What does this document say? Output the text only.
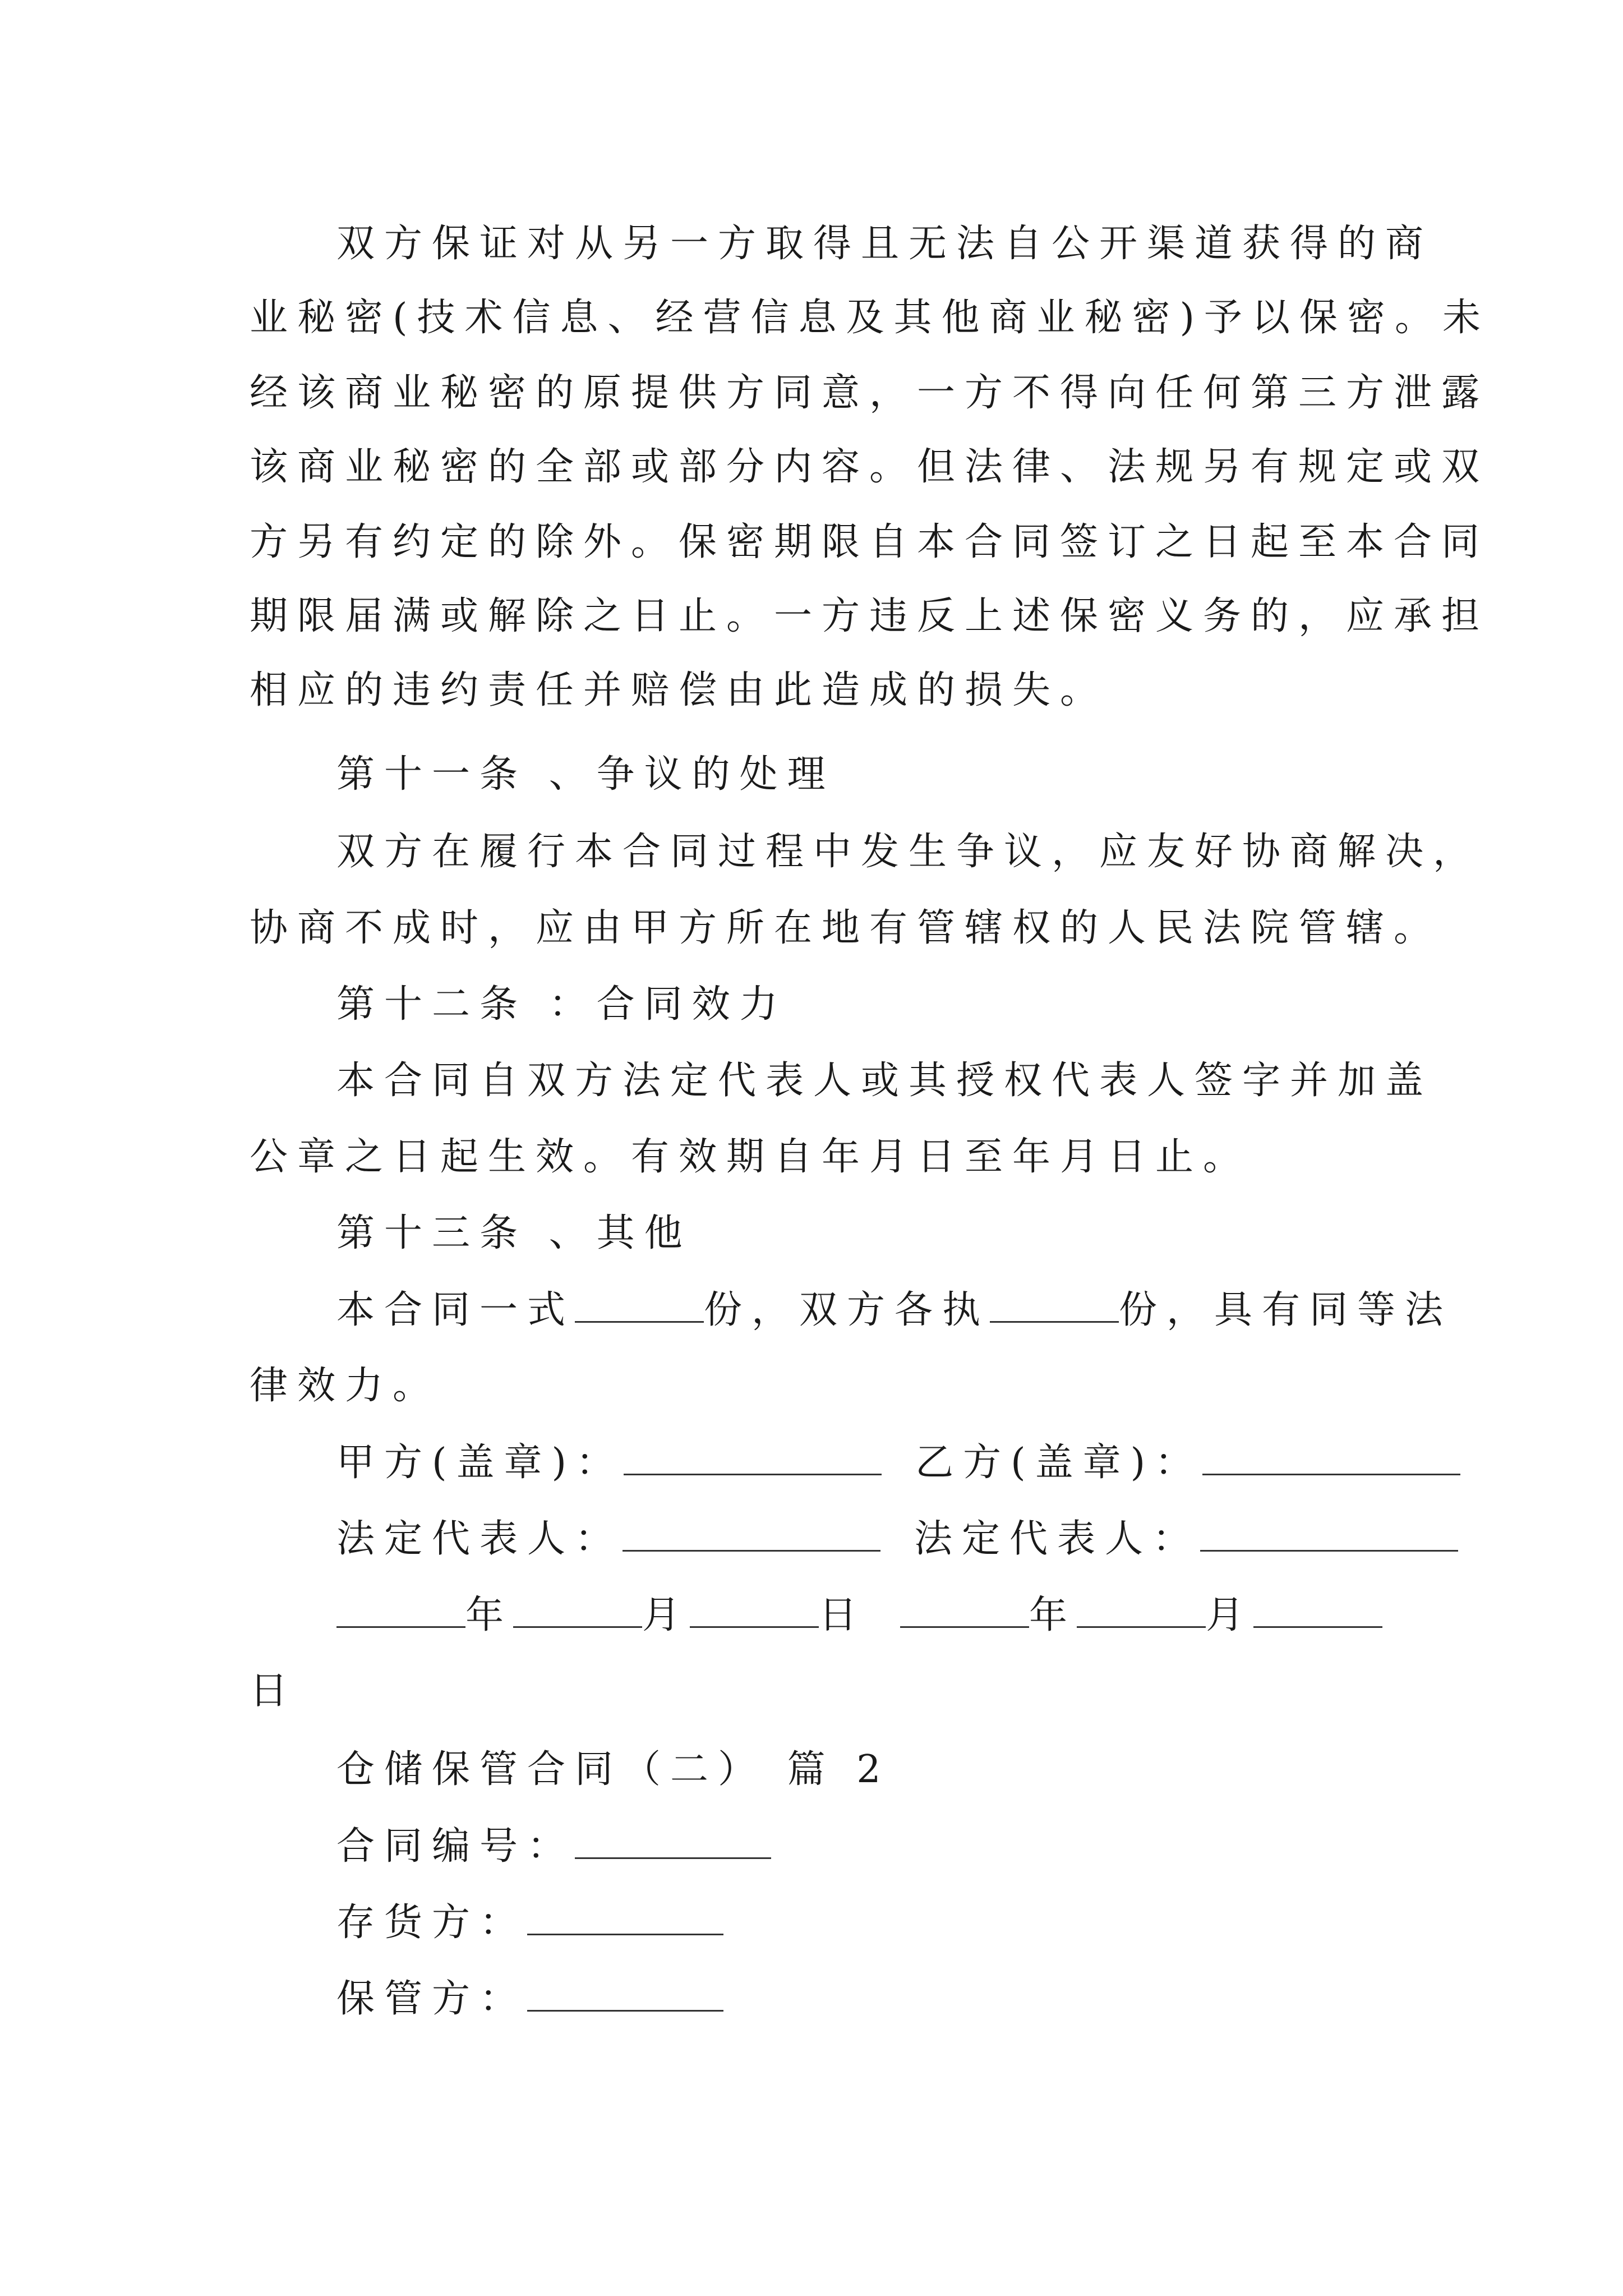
双方保证对从另一方取得且无法自公开渠道获得的商
业秘密(技术信息、经营信息及其他商业秘密)予以保密。未
经该商业秘密的原提供方同意，一方不得向任何第三方泄露
该商业秘密的全部或部分内容。但法律、法规另有规定或双
方另有约定的除外。保密期限自本合同签订之日起至本合同
期限届满或解除之日止。一方违反上述保密义务的，应承担
相应的违约责任并赔偿由此造成的损失。
第十一条 、争议的处理
双方在履行本合同过程中发生争议，应友好协商解决，
协商不成时，应由甲方所在地有管辖权的人民法院管辖。
第十二条 ：合同效力
本合同自双方法定代表人或其授权代表人签字并加盖
公章之日起生效。有效期自年月日至年月日止。
第十三条 、其他
本合同一式	份，双方各执	份，具有同等法
律效力。
甲方(盖章)：	乙方(盖章)：
法定代表人：	法定代表人：
年	月	日	年	月
日
仓储保管合同（二） 篇 2
合同编号：
存货方：
保管方：
